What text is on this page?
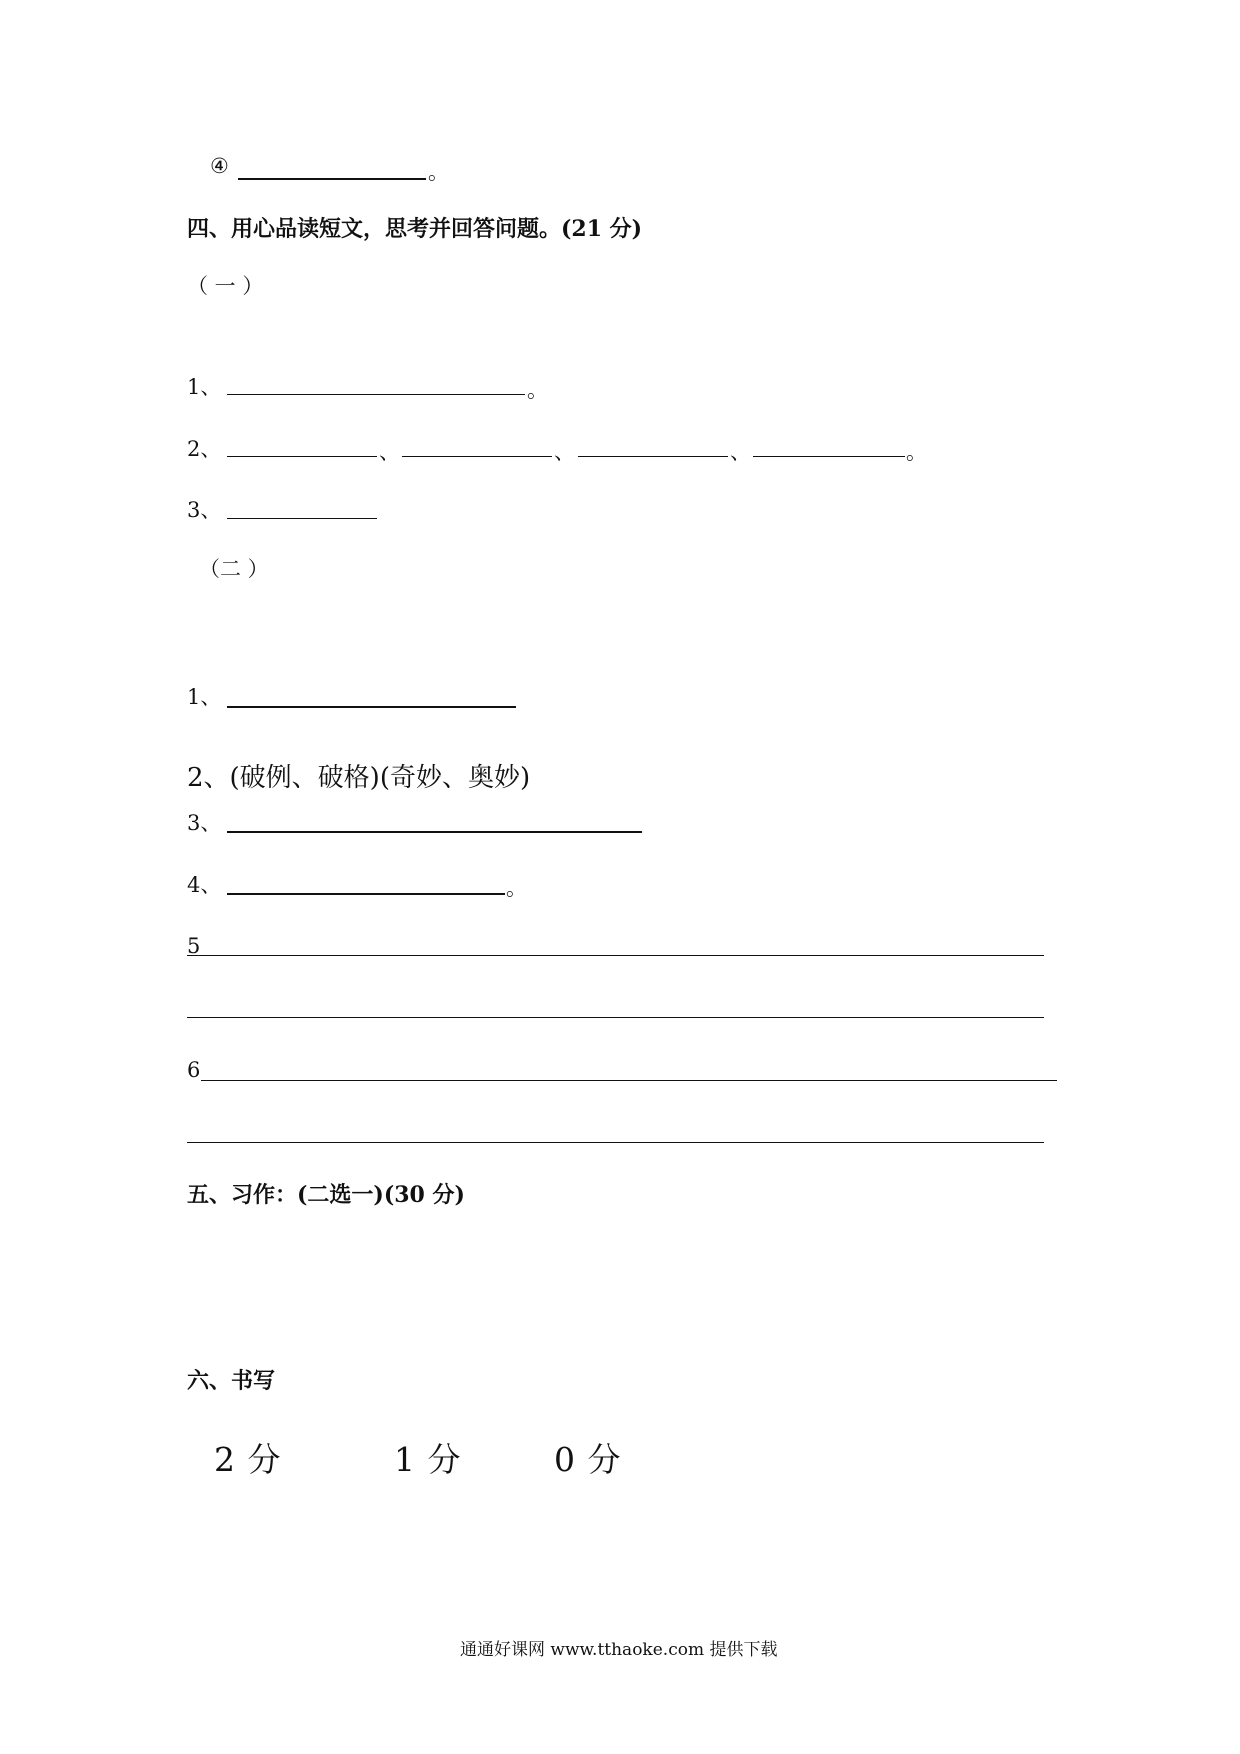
④	。
四、用心品读短文，思考并回答问题。(21 分)
（ 一 ）
1、	。
2、	、	、	、	。
3、
（二 ）
1、
2、(破例、破格)(奇妙、奥妙)
3、
4、	。
5
6
五、习作：(二选一)(30 分)
六、书写
2 分	1 分	0 分
通通好课网 www.tthaoke.com 提供下载
